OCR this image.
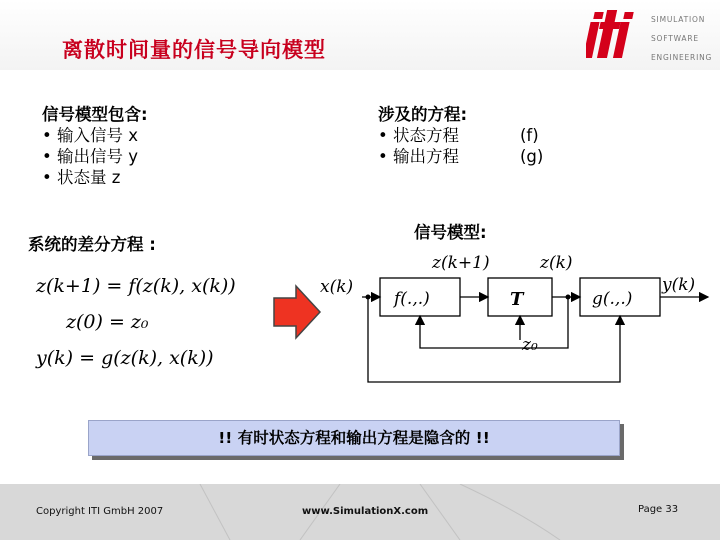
离散时间量的信号导向模型
SIMULATION
SOFTWARE
ENGINEERING
信号模型包含:
• 输入信号 x
• 输出信号 y
• 状态量 z
涉及的方程:
• 状态方程
• 输出方程
(f)
(g)
系统的差分方程 :
信号模型:
z(k+1) = f(z(k), x(k))
z(0) = z₀
y(k) = g(z(k), x(k))
x(k)	y(k)
f(.,.)	T	g(.,.)
z(k+1)	z(k)
z₀
!! 有时状态方程和输出方程是隐含的 !!
Copyright ITI GmbH 2007	www.SimulationX.com	Page 33
